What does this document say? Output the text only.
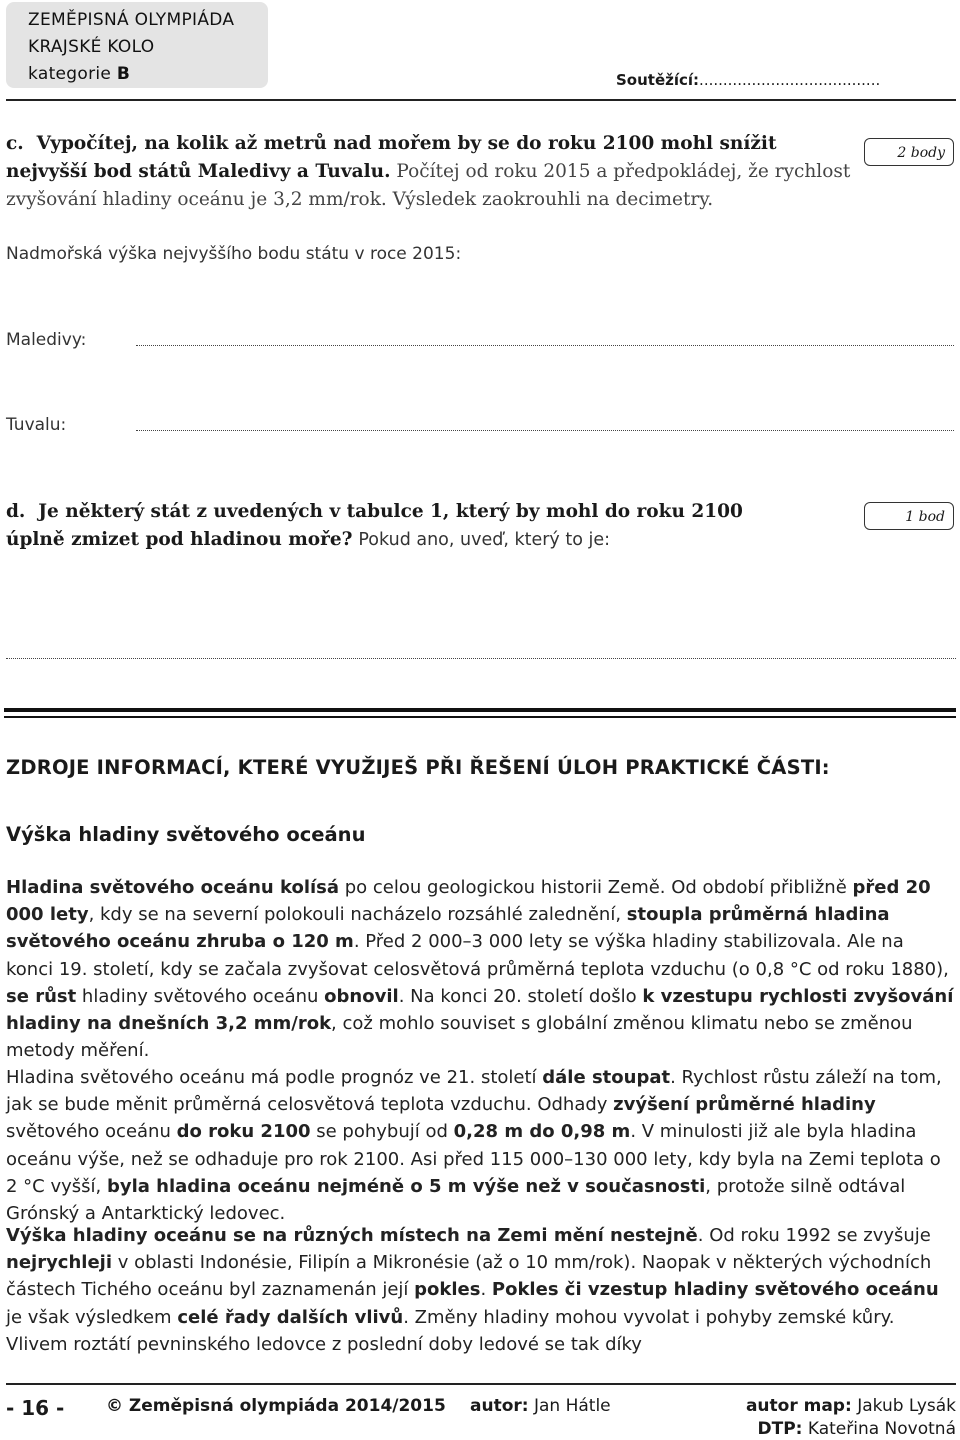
ZEMĚPISNÁ OLYMPIÁDA
KRAJSKÉ KOLO
kategorie B	Soutěžící:......................................
c. Vypočítej, na kolik až metrů nad mořem by se do roku 2100 mohl snížit nejvyšší bod států Maledivy a Tuvalu. Počítej od roku 2015 a předpokládej, že rychlost zvyšování hladiny oceánu je 3,2 mm/rok. Výsledek zaokrouhli na decimetry.
2 body
Nadmořská výška nejvyššího bodu státu v roce 2015:
Maledivy:
Tuvalu:
d. Je některý stát z uvedených v tabulce 1, který by mohl do roku 2100 úplně zmizet pod hladinou moře? Pokud ano, uveď, který to je:
1 bod
ZDROJE INFORMACÍ, KTERÉ VYUŽIJEŠ PŘI ŘEŠENÍ ÚLOH PRAKTICKÉ ČÁSTI:
Výška hladiny světového oceánu
Hladina světového oceánu kolísá po celou geologickou historii Země. Od období přibližně před 20 000 lety, kdy se na severní polokouli nacházelo rozsáhlé zalednění, stoupla průměrná hladina světového oceánu zhruba o 120 m. Před 2 000–3 000 lety se výška hladiny stabilizovala. Ale na konci 19. století, kdy se začala zvyšovat celosvětová průměrná teplota vzduchu (o 0,8 °C od roku 1880), se růst hladiny světového oceánu obnovil. Na konci 20. století došlo k vzestupu rychlosti zvyšování hladiny na dnešních 3,2 mm/rok, což mohlo souviset s globální změnou klimatu nebo se změnou metody měření.
Hladina světového oceánu má podle prognóz ve 21. století dále stoupat. Rychlost růstu záleží na tom, jak se bude měnit průměrná celosvětová teplota vzduchu. Odhady zvýšení průměrné hladiny světového oceánu do roku 2100 se pohybují od 0,28 m do 0,98 m. V minulosti již ale byla hladina oceánu výše, než se odhaduje pro rok 2100. Asi před 115 000–130 000 lety, kdy byla na Zemi teplota o 2 °C vyšší, byla hladina oceánu nejméně o 5 m výše než v současnosti, protože silně odtával Grónský a Antarktický ledovec.
Výška hladiny oceánu se na různých místech na Zemi mění nestejně. Od roku 1992 se zvyšuje nejrychleji v oblasti Indonésie, Filipín a Mikronésie (až o 10 mm/rok). Naopak v některých východních částech Tichého oceánu byl zaznamenán její pokles. Pokles či vzestup hladiny světového oceánu je však výsledkem celé řady dalších vlivů. Změny hladiny mohou vyvolat i pohyby zemské kůry. Vlivem roztátí pevninského ledovce z poslední doby ledové se tak díky
- 16 - © Zeměpisná olympiáda 2014/2015 autor: Jan Hátle	autor map: Jakub Lysák
DTP: Kateřina Novotná
